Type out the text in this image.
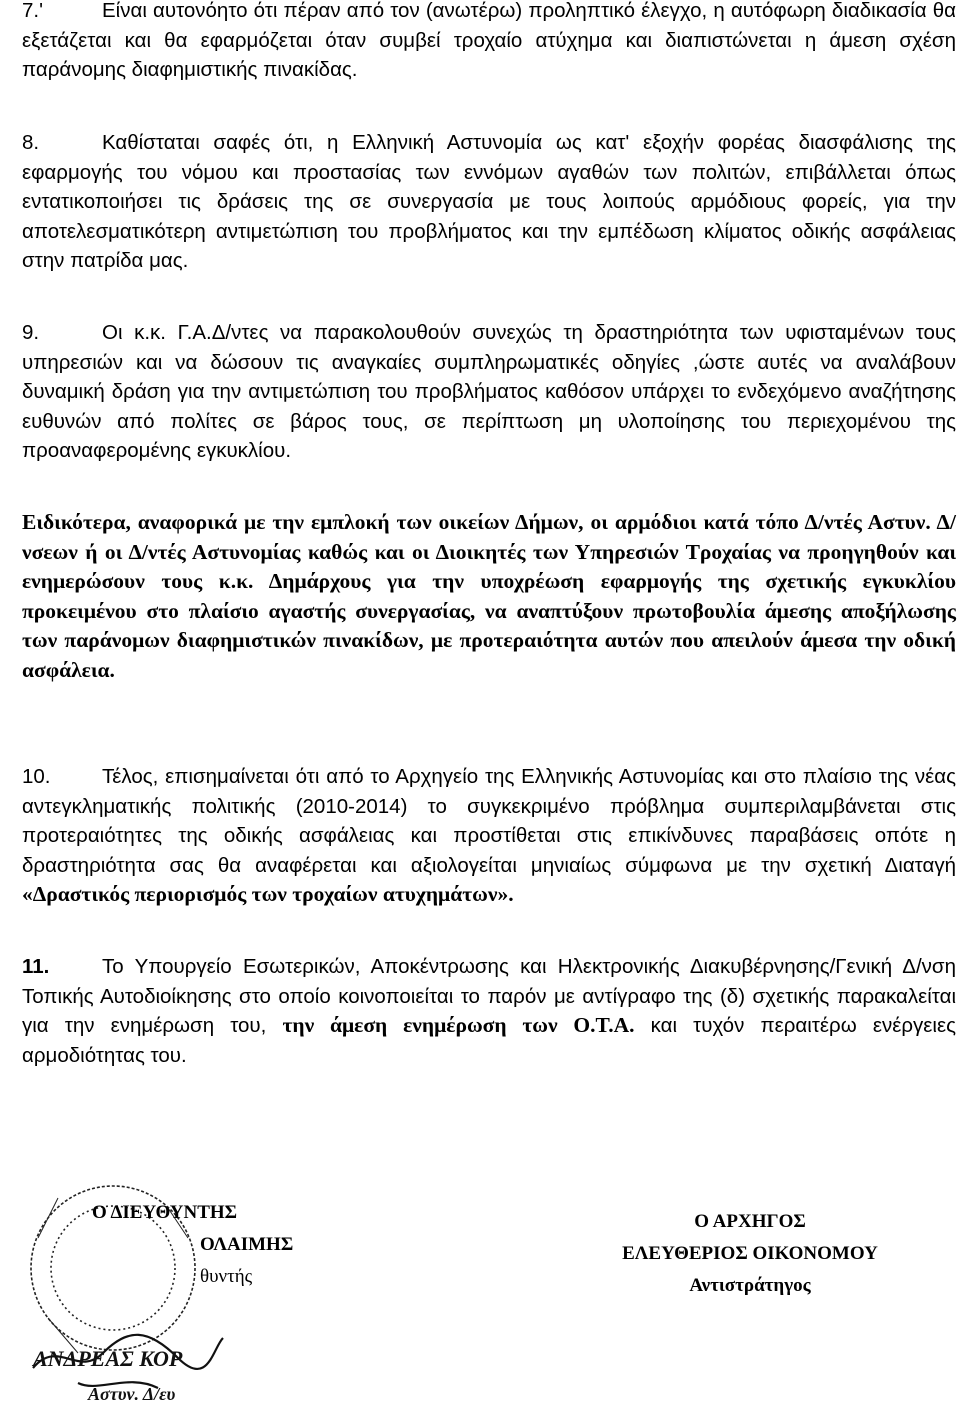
7.'	Είναι αυτονόητο ότι πέραν από τον (ανωτέρω) προληπτικό έλεγχο, η αυτόφωρη διαδικασία θα εξετάζεται και θα εφαρμόζεται όταν συμβεί τροχαίο ατύχημα και διαπιστώνεται η άμεση σχέση παράνομης διαφημιστικής πινακίδας.

8.	Καθίσταται σαφές ότι, η Ελληνική Αστυνομία ως κατ' εξοχήν φορέας διασφάλισης της εφαρμογής του νόμου και προστασίας των εννόμων αγαθών των πολιτών, επιβάλλεται όπως εντατικοποιήσει τις δράσεις της σε συνεργασία με τους λοιπούς αρμόδιους φορείς, για την αποτελεσματικότερη αντιμετώπιση του προβλήματος και την εμπέδωση κλίματος οδικής ασφάλειας στην πατρίδα μας.

9.	Οι κ.κ. Γ.Α.Δ/ντες να παρακολουθούν συνεχώς τη δραστηριότητα των υφισταμένων τους υπηρεσιών και να δώσουν τις αναγκαίες συμπληρωματικές οδηγίες ,ώστε αυτές να αναλάβουν δυναμική δράση για την αντιμετώπιση του προβλήματος καθόσον υπάρχει το ενδεχόμενο αναζήτησης ευθυνών από πολίτες σε βάρος τους, σε περίπτωση μη υλοποίησης του περιεχομένου της προαναφερομένης εγκυκλίου.

Ειδικότερα, αναφορικά με την εμπλοκή των οικείων Δήμων, οι αρμόδιοι κατά τόπο Δ/ντές Αστυν. Δ/νσεων ή οι Δ/ντές Αστυνομίας καθώς και οι Διοικητές των Υπηρεσιών Τροχαίας να προηγηθούν και ενημερώσουν τους κ.κ. Δημάρχους για την υποχρέωση εφαρμογής της σχετικής εγκυκλίου προκειμένου στο πλαίσιο αγαστής συνεργασίας, να αναπτύξουν πρωτοβουλία άμεσης αποξήλωσης των παράνομων διαφημιστικών πινακίδων, με προτεραιότητα αυτών που απειλούν άμεσα την οδική ασφάλεια.

10.	Τέλος, επισημαίνεται ότι από το Αρχηγείο της Ελληνικής Αστυνομίας και στο πλαίσιο της νέας αντεγκληματικής πολιτικής (2010-2014) το συγκεκριμένο πρόβλημα συμπεριλαμβάνεται στις προτεραιότητες της οδικής ασφάλειας και προστίθεται στις επικίνδυνες παραβάσεις οπότε η δραστηριότητα σας θα αναφέρεται και αξιολογείται μηνιαίως σύμφωνα με την σχετική Διαταγή «Δραστικός περιορισμός των τροχαίων ατυχημάτων».

11.	Το Υπουργείο Εσωτερικών, Αποκέντρωσης και Ηλεκτρονικής Διακυβέρνησης/Γενική Δ/νση Τοπικής Αυτοδιοίκησης στο οποίο κοινοποιείται το παρόν με αντίγραφο της (δ) σχετικής παρακαλείται για την ενημέρωση του, την άμεση ενημέρωση των Ο.Τ.Α. και τυχόν περαιτέρω ενέργειες αρμοδιότητας του.

ΑΝΔΡΕΑΣ ΚΟΡ
Αστυν. Δ/ευ
Ο ΔΙΕΥΘΥΝΤΗΣ
ΟΛΑΙΜΗΣ
θυντής
Ο ΑΡΧΗΓΟΣ
ΕΛΕΥΘΕΡΙΟΣ ΟΙΚΟΝΟΜΟΥ
Αντιστράτηγος
